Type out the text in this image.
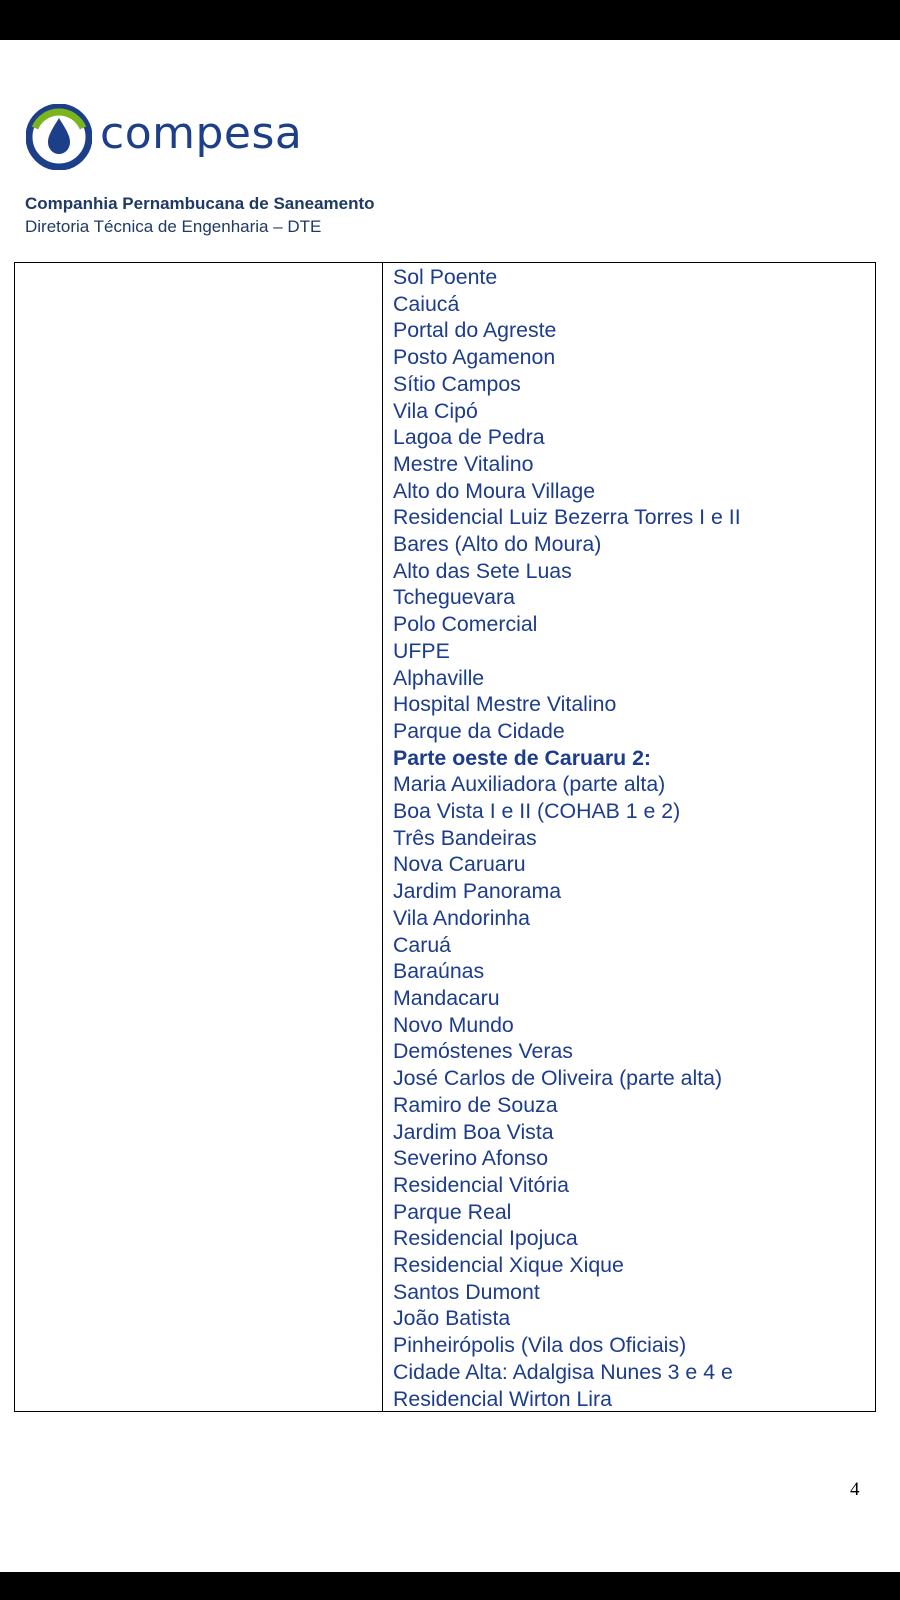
compesa
Companhia Pernambucana de Saneamento
Diretoria Técnica de Engenharia – DTE
Sol Poente
Caiucá
Portal do Agreste
Posto Agamenon
Sítio Campos
Vila Cipó
Lagoa de Pedra
Mestre Vitalino
Alto do Moura Village
Residencial Luiz Bezerra Torres I e II
Bares (Alto do Moura)
Alto das Sete Luas
Tcheguevara
Polo Comercial
UFPE
Alphaville
Hospital Mestre Vitalino
Parque da Cidade
Parte oeste de Caruaru 2:
Maria Auxiliadora (parte alta)
Boa Vista I e II (COHAB 1 e 2)
Três Bandeiras
Nova Caruaru
Jardim Panorama
Vila Andorinha
Caruá
Baraúnas
Mandacaru
Novo Mundo
Demóstenes Veras
José Carlos de Oliveira (parte alta)
Ramiro de Souza
Jardim Boa Vista
Severino Afonso
Residencial Vitória
Parque Real
Residencial Ipojuca
Residencial Xique Xique
Santos Dumont
João Batista
Pinheirópolis (Vila dos Oficiais)
Cidade Alta: Adalgisa Nunes 3 e 4 e
Residencial Wirton Lira
4
